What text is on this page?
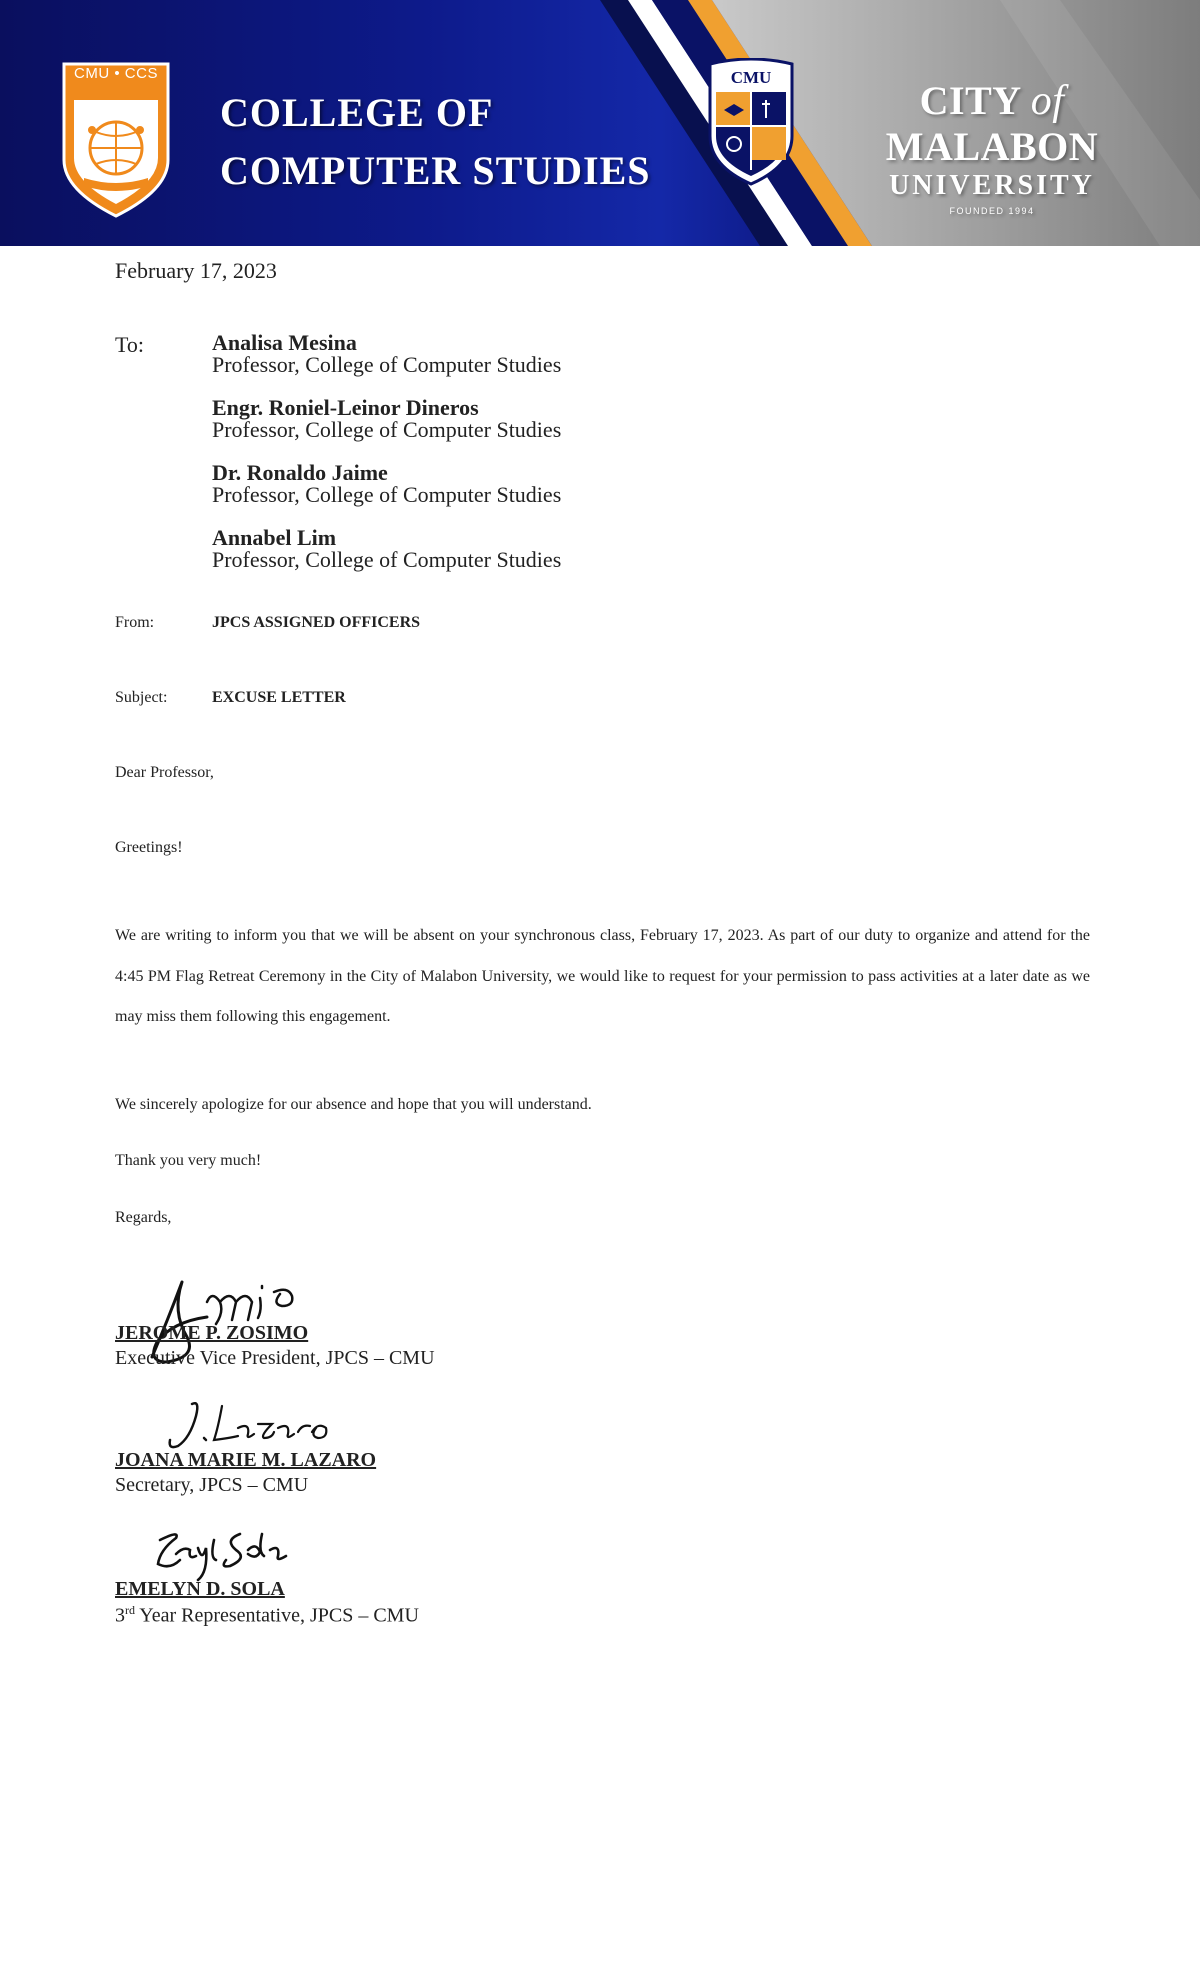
CMU • CCS
COLLEGE OF
COMPUTER STUDIES
CMU
CITY of MALABON
UNIVERSITY
FOUNDED 1994
February 17, 2023
To:	Analisa Mesina
Professor, College of Computer Studies
Engr. Roniel-Leinor Dineros
Professor, College of Computer Studies
Dr. Ronaldo Jaime
Professor, College of Computer Studies
Annabel Lim
Professor, College of Computer Studies
From:	JPCS ASSIGNED OFFICERS
Subject:	EXCUSE LETTER
Dear Professor,
Greetings!

We are writing to inform you that we will be absent on your synchronous class, February 17, 2023. As part of our duty to organize and attend for the 4:45 PM Flag Retreat Ceremony in the City of Malabon University, we would like to request for your permission to pass activities at a later date as we may miss them following this engagement.

We sincerely apologize for our absence and hope that you will understand.
Thank you very much!
Regards,
JEROME P. ZOSIMO
Executive Vice President, JPCS – CMU
JOANA MARIE M. LAZARO
Secretary, JPCS – CMU
EMELYN D. SOLA
3rd Year Representative, JPCS – CMU
